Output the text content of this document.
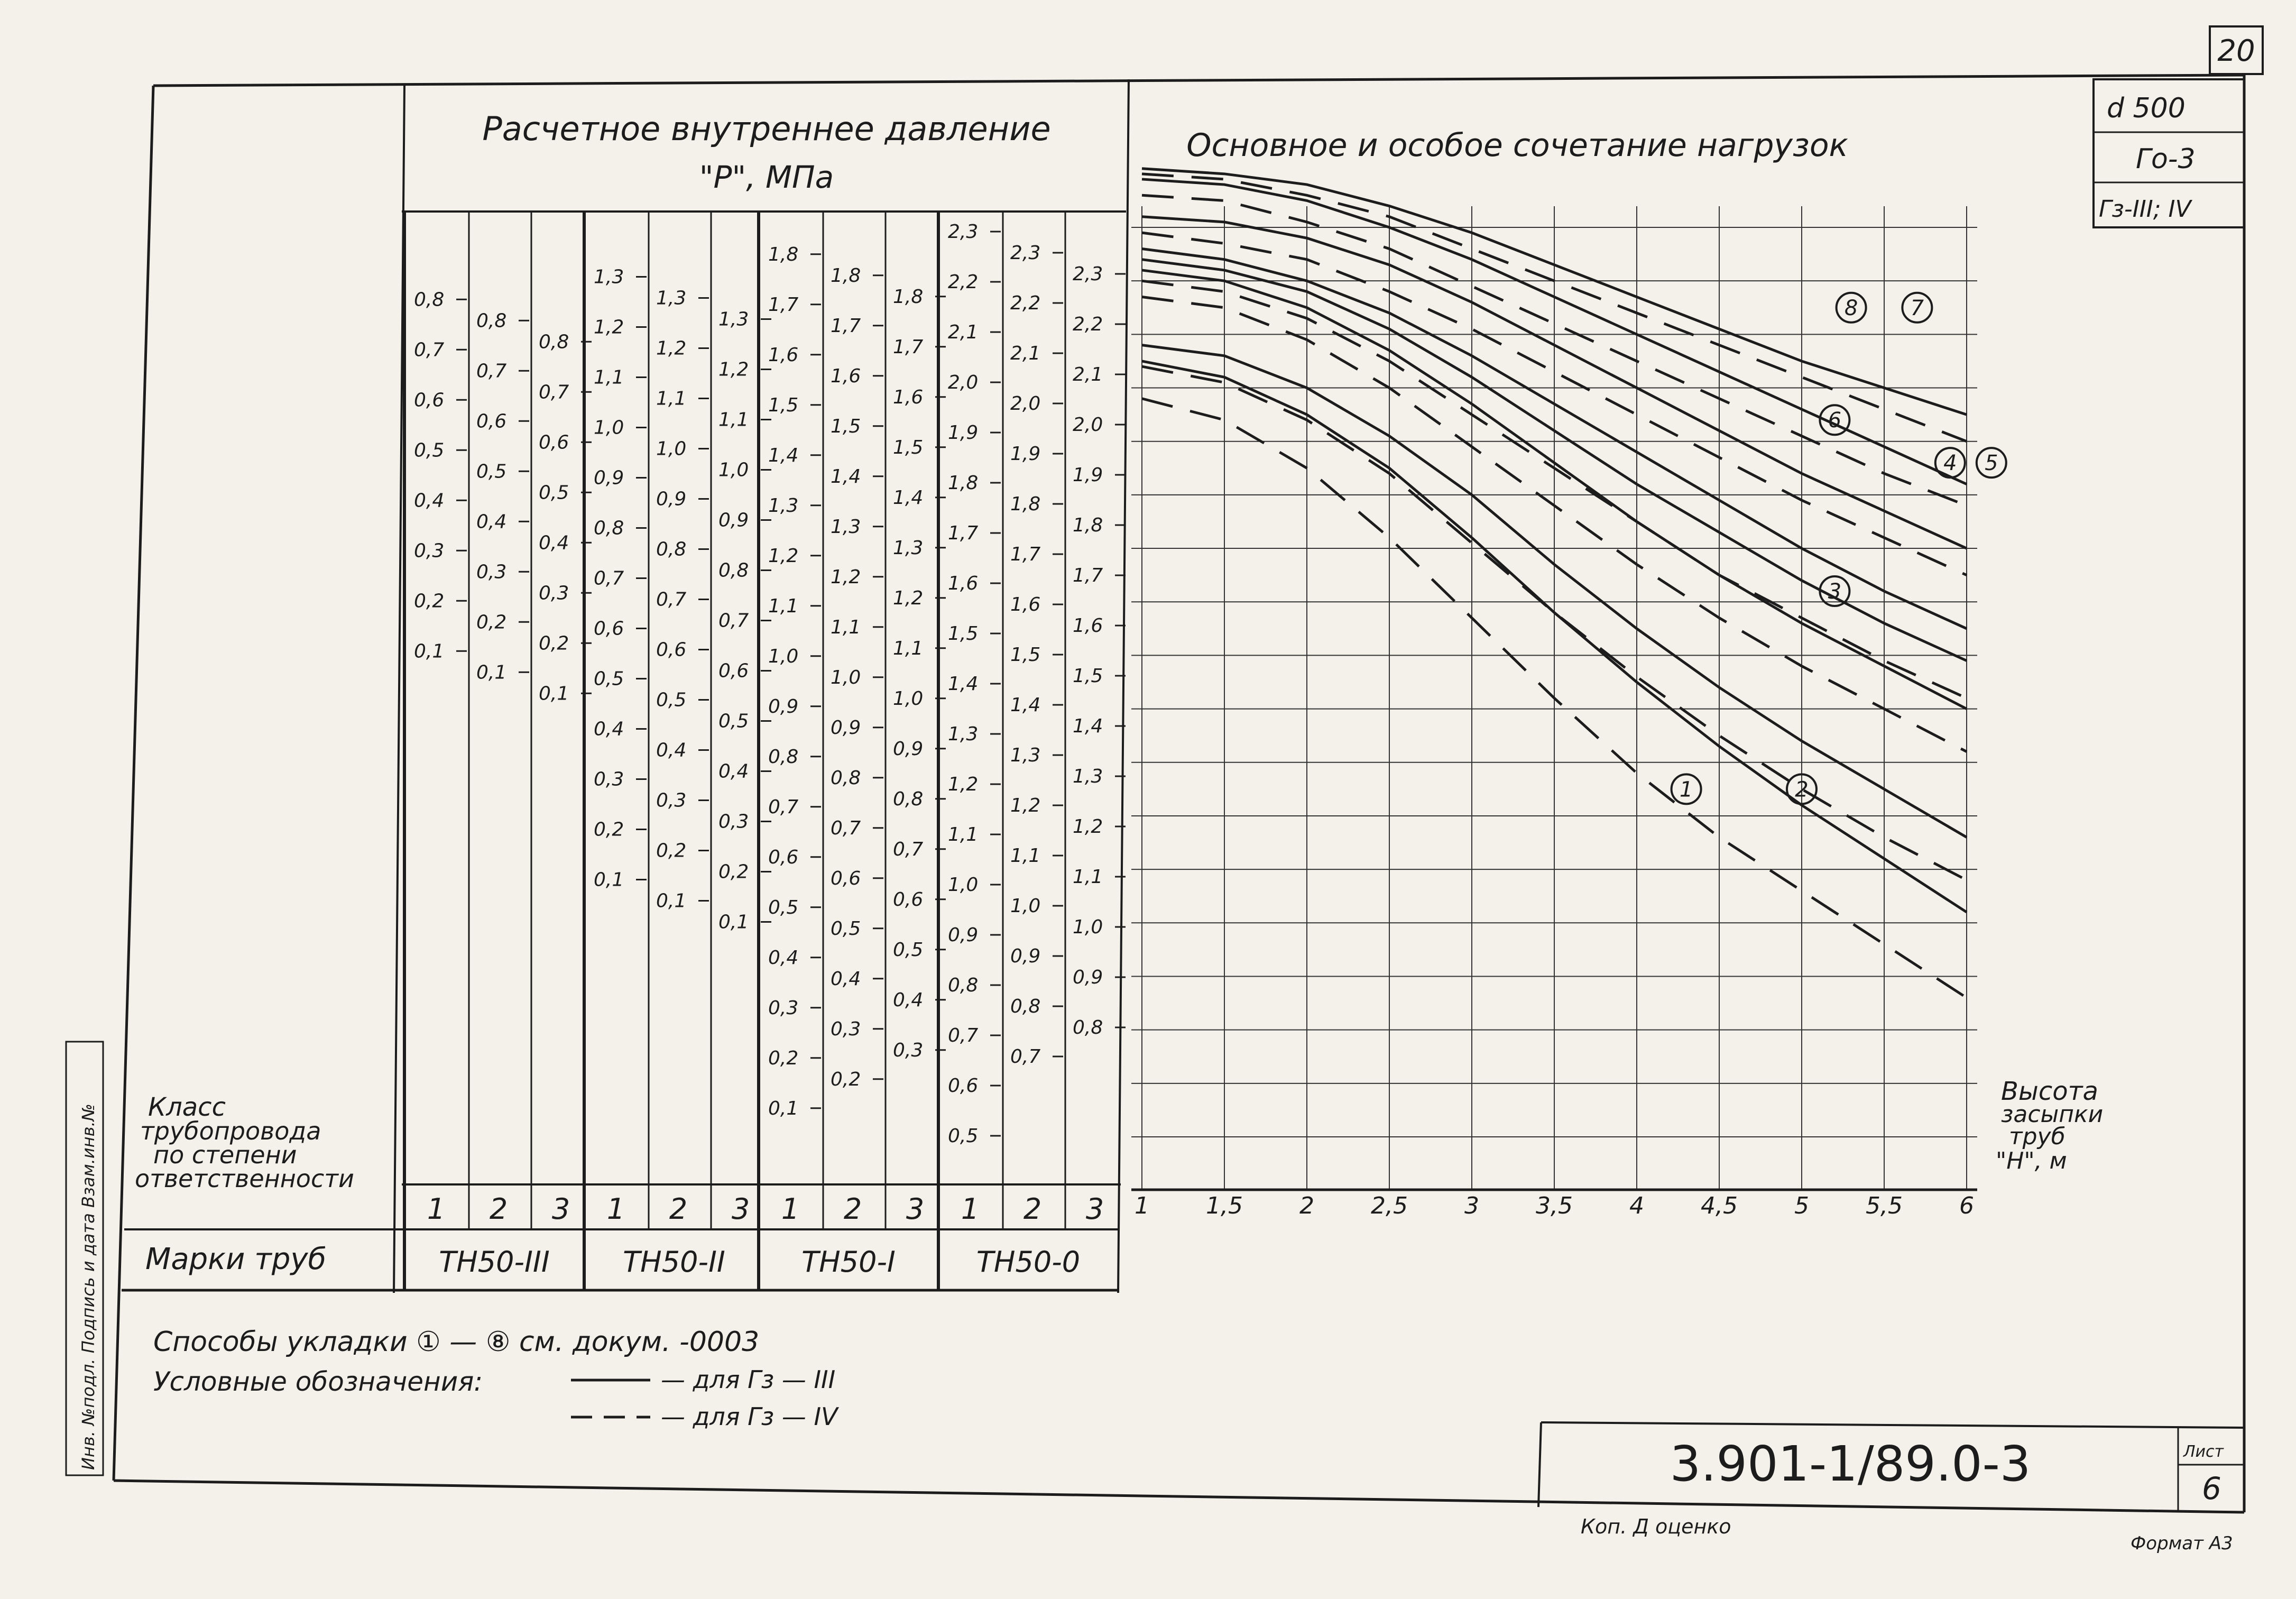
20
d 500
Го-3
Гз-III; IV
Инв. №подл. Подпись и дата Взам.инв.№
Расчетное внутреннее давление
"P", МПа
Класс
трубопровода
по степени
ответственности
Марки труб
0,8
0,7
0,6
0,5
0,4
0,3
0,2
0,1
1
0,8
0,7
0,6
0,5
0,4
0,3
0,2
0,1
2
0,8
0,7
0,6
0,5
0,4
0,3
0,2
0,1
3
ТН50-III
1,3
1,2
1,1
1,0
0,9
0,8
0,7
0,6
0,5
0,4
0,3
0,2
0,1
1
1,3
1,2
1,1
1,0
0,9
0,8
0,7
0,6
0,5
0,4
0,3
0,2
0,1
2
1,3
1,2
1,1
1,0
0,9
0,8
0,7
0,6
0,5
0,4
0,3
0,2
0,1
3
ТН50-II
1,8
1,7
1,6
1,5
1,4
1,3
1,2
1,1
1,0
0,9
0,8
0,7
0,6
0,5
0,4
0,3
0,2
0,1
1
1,8
1,7
1,6
1,5
1,4
1,3
1,2
1,1
1,0
0,9
0,8
0,7
0,6
0,5
0,4
0,3
0,2
2
1,8
1,7
1,6
1,5
1,4
1,3
1,2
1,1
1,0
0,9
0,8
0,7
0,6
0,5
0,4
0,3
3
ТН50-I
2,3
2,2
2,1
2,0
1,9
1,8
1,7
1,6
1,5
1,4
1,3
1,2
1,1
1,0
0,9
0,8
0,7
0,6
0,5
1
2,3
2,2
2,1
2,0
1,9
1,8
1,7
1,6
1,5
1,4
1,3
1,2
1,1
1,0
0,9
0,8
0,7
2
2,3
2,2
2,1
2,0
1,9
1,8
1,7
1,6
1,5
1,4
1,3
1,2
1,1
1,0
0,9
0,8
3
ТН50-0
Основное и особое сочетание нагрузок
1	2
3
4 5
6
7
8
1 1,5 2 2,5 3 3,5 4 4,5 5 5,5 6
Высота
засыпки
труб
"H", м
Способы укладки ① — ⑧ см. докум. -0003
Условные обозначения:	— для Гз — III
— для Гз — IV
3.901-1/89.0-3	Лист
6
Коп. Д оценко
Формат А3
